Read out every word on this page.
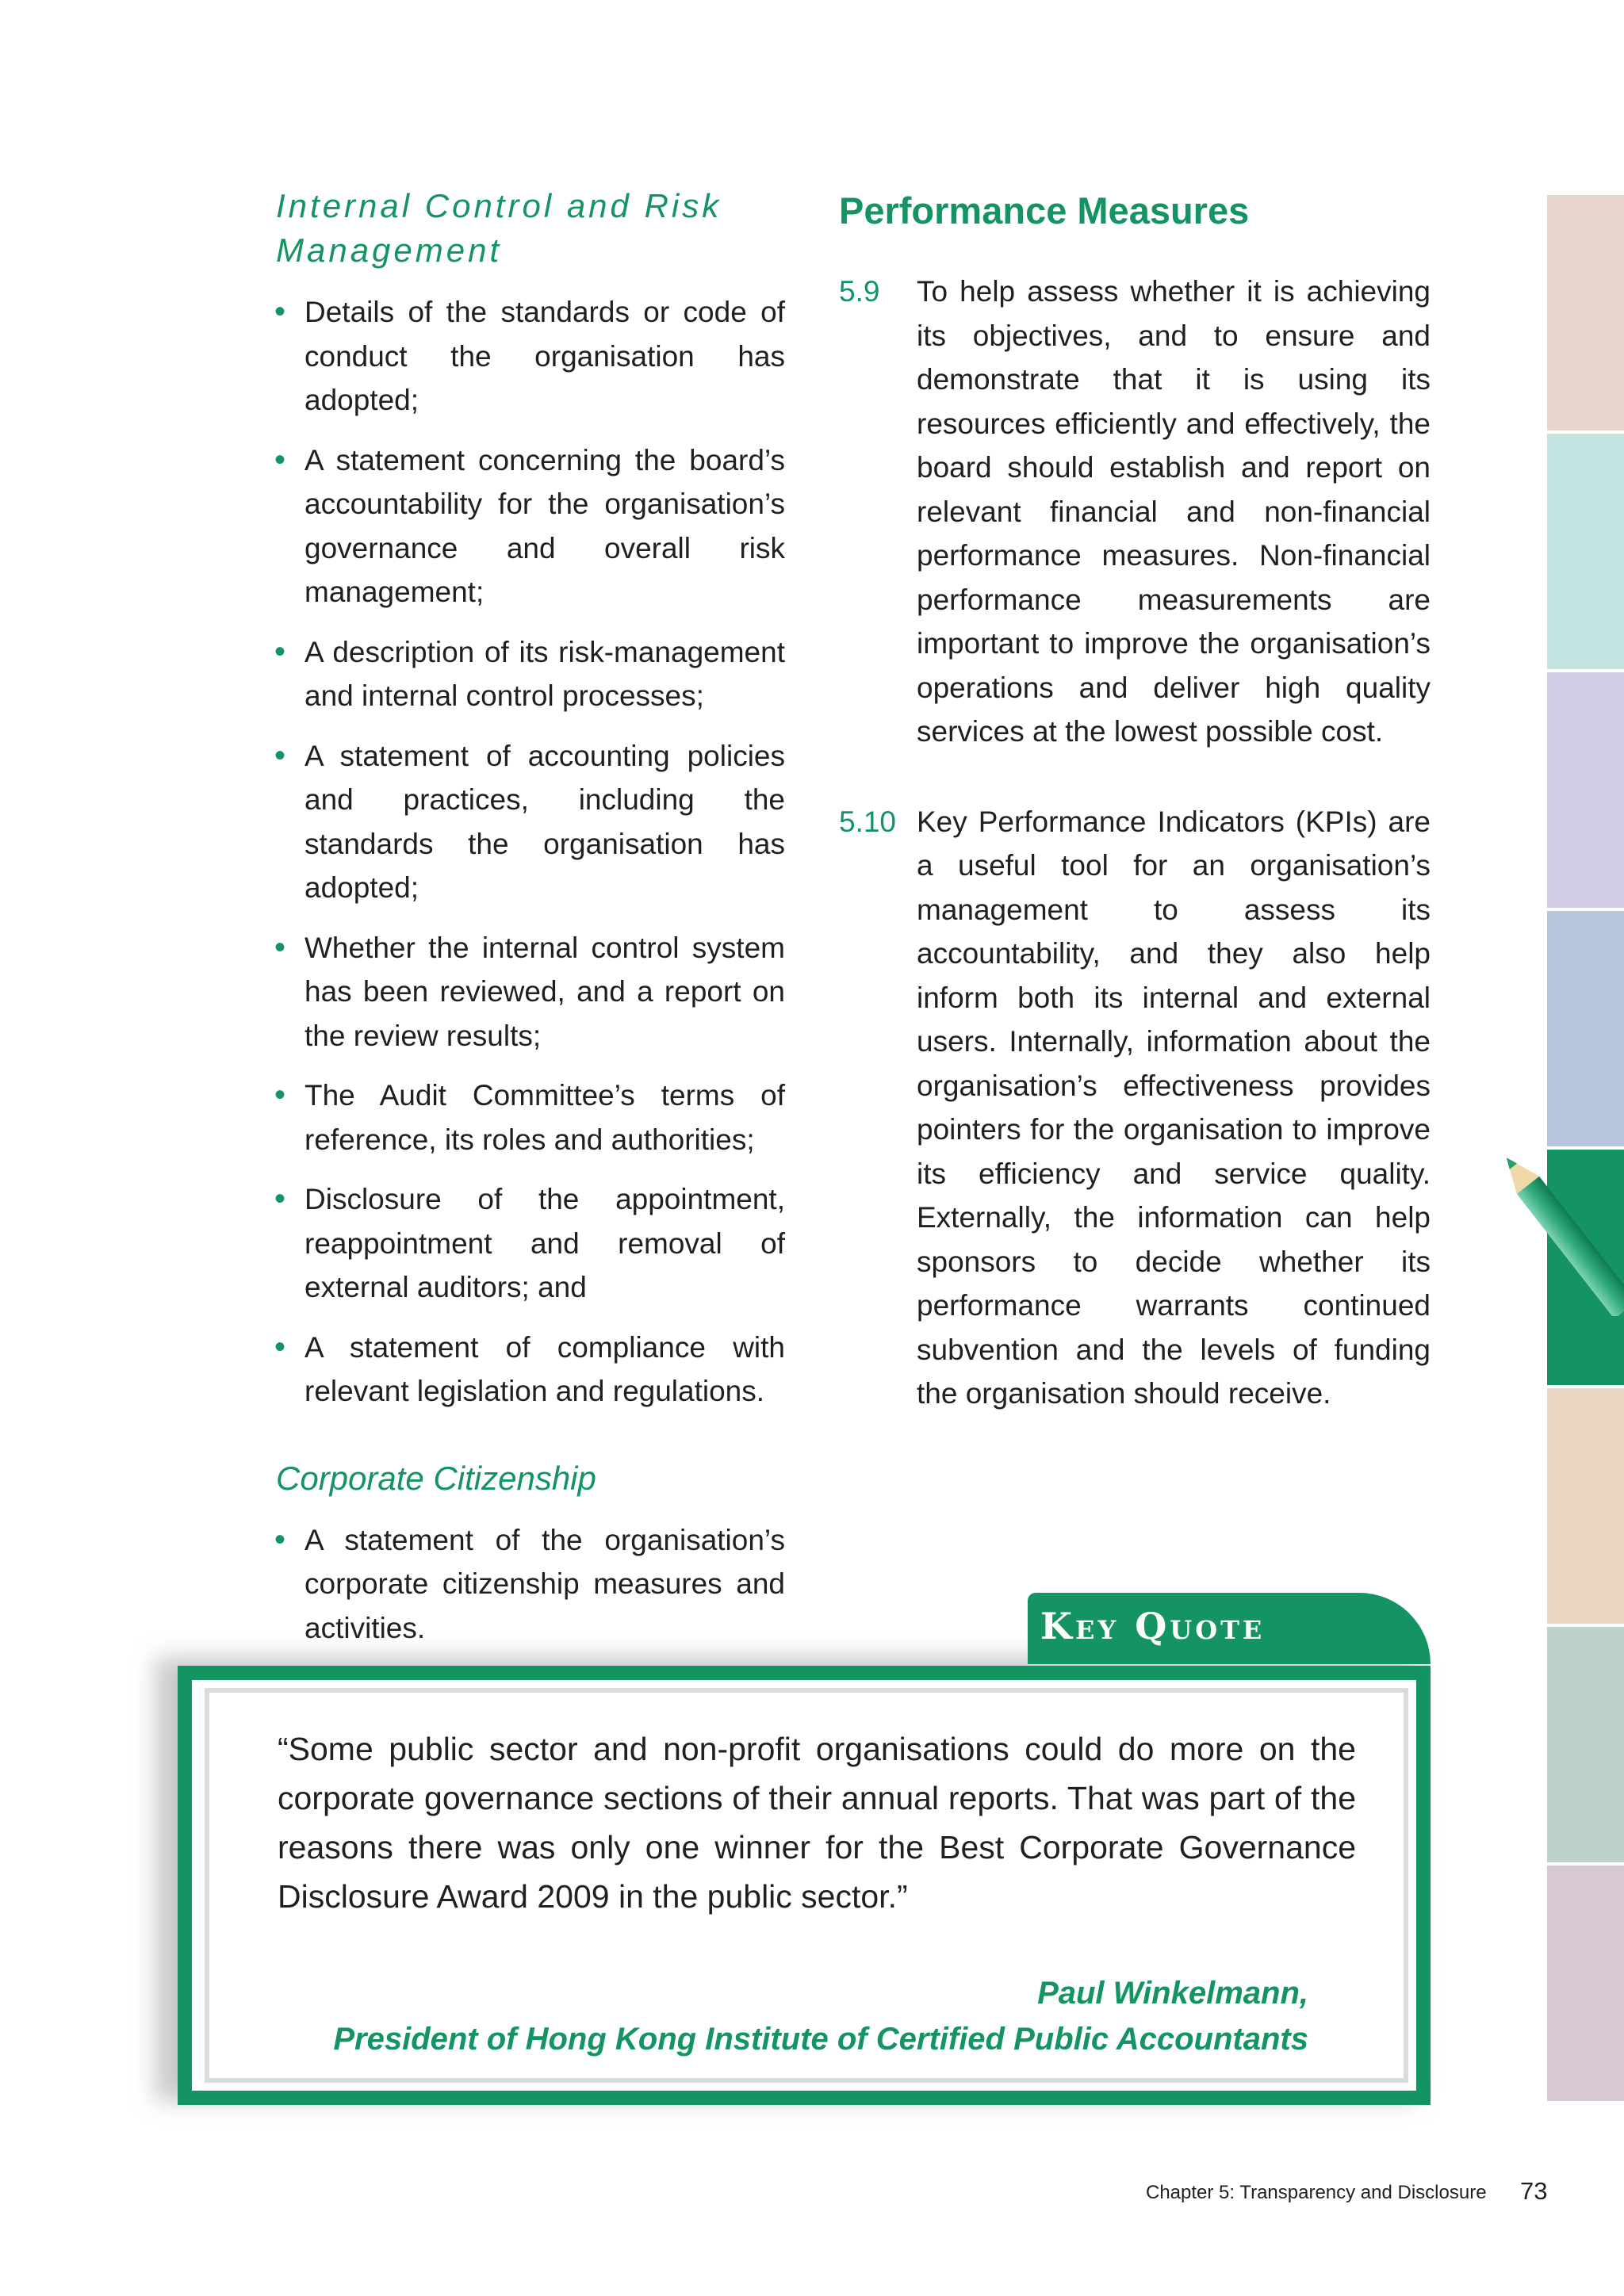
Internal Control and Risk Management
• Details of the standards or code of conduct the organisation has adopted;
• A statement concerning the board’s accountability for the organisation’s governance and overall risk management;
• A description of its risk-management and internal control processes;
• A statement of accounting policies and practices, including the standards the organisation has adopted;
• Whether the internal control system has been reviewed, and a report on the review results;
• The Audit Committee’s terms of reference, its roles and authorities;
• Disclosure of the appointment, reappointment and removal of external auditors; and
• A statement of compliance with relevant legislation and regulations.
Corporate Citizenship
• A statement of the organisation’s corporate citizenship measures and activities.
Performance Measures
5.9 To help assess whether it is achieving its objectives, and to ensure and demonstrate that it is using its resources efficiently and effectively, the board should establish and report on relevant financial and non-financial performance measures. Non-financial performance measurements are important to improve the organisation’s operations and deliver high quality services at the lowest possible cost.

5.10 Key Performance Indicators (KPIs) are a useful tool for an organisation’s management to assess its accountability, and they also help inform both its internal and external users. Internally, information about the organisation’s effectiveness provides pointers for the organisation to improve its efficiency and service quality. Externally, the information can help sponsors to decide whether its performance warrants continued subvention and the levels of funding the organisation should receive.

Key Quote

“Some public sector and non-profit organisations could do more on the corporate governance sections of their annual reports. That was part of the reasons there was only one winner for the Best Corporate Governance Disclosure Award 2009 in the public sector.”

Paul Winkelmann,
President of Hong Kong Institute of Certified Public Accountants
Chapter 5: Transparency and Disclosure 73
